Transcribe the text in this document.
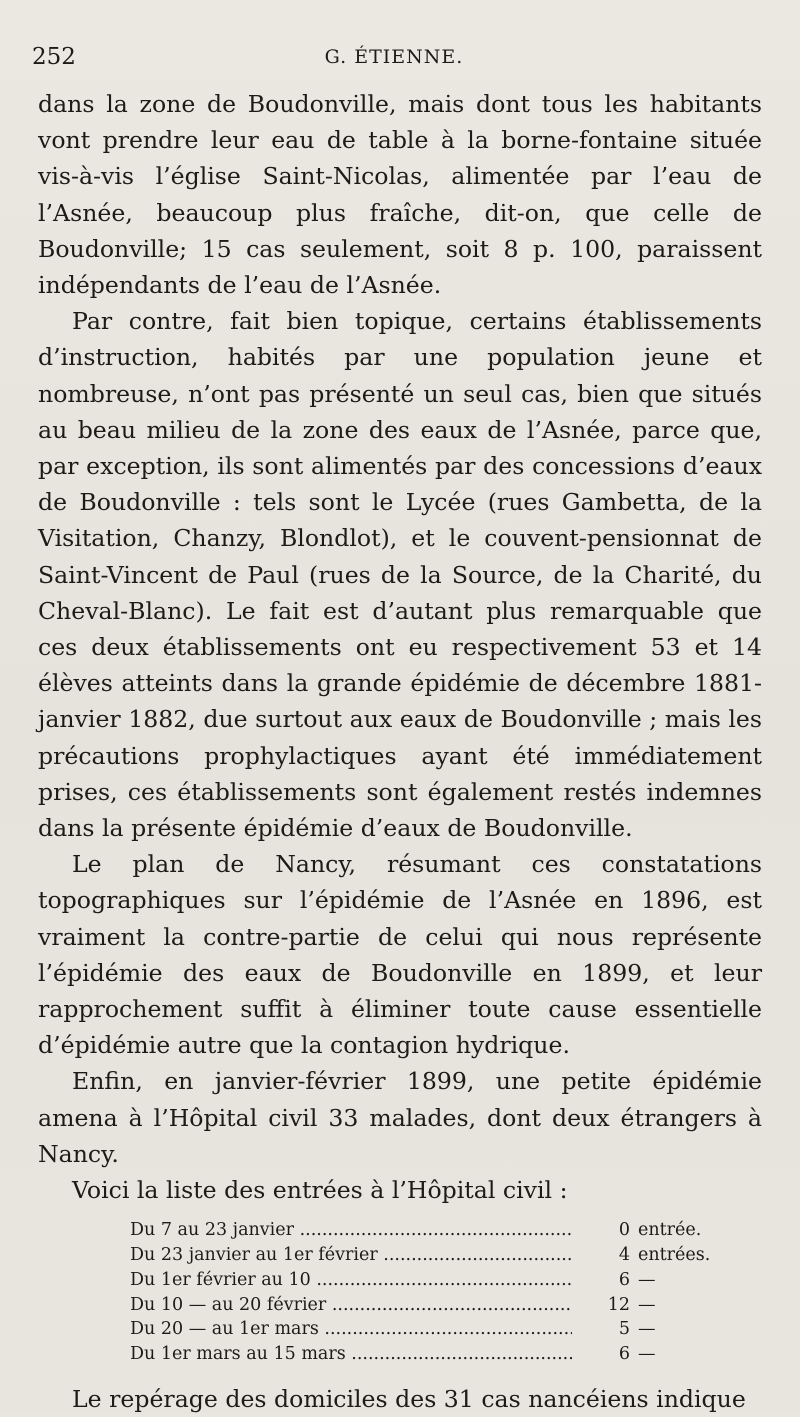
252	G. ÉTIENNE.

dans la zone de Boudonville, mais dont tous les habitants vont prendre leur eau de table à la borne-fontaine située vis-à-vis l’église Saint-Nicolas, alimentée par l’eau de l’Asnée, beaucoup plus fraîche, dit-on, que celle de Boudonville; 15 cas seulement, soit 8 p. 100, paraissent indépendants de l’eau de l’Asnée.

Par contre, fait bien topique, certains établissements d’instruction, habités par une population jeune et nombreuse, n’ont pas présenté un seul cas, bien que situés au beau milieu de la zone des eaux de l’Asnée, parce que, par exception, ils sont alimentés par des concessions d’eaux de Boudonville : tels sont le Lycée (rues Gambetta, de la Visitation, Chanzy, Blondlot), et le couvent-pensionnat de Saint-Vincent de Paul (rues de la Source, de la Charité, du Cheval-Blanc). Le fait est d’autant plus remarquable que ces deux établissements ont eu respectivement 53 et 14 élèves atteints dans la grande épidémie de décembre 1881-janvier 1882, due surtout aux eaux de Boudonville ; mais les précautions prophylactiques ayant été immédiatement prises, ces établissements sont également restés indemnes dans la présente épidémie d’eaux de Boudonville.

Le plan de Nancy, résumant ces constatations topographiques sur l’épidémie de l’Asnée en 1896, est vraiment la contre-partie de celui qui nous représente l’épidémie des eaux de Boudonville en 1899, et leur rapprochement suffit à éliminer toute cause essentielle d’épidémie autre que la contagion hydrique.

Enfin, en janvier-février 1899, une petite épidémie amena à l’Hôpital civil 33 malades, dont deux étrangers à Nancy.

Voici la liste des entrées à l’Hôpital civil :

Du 7 au 23 janvier .....	0 entrée.
Du 23 janvier au 1er février .....	4 entrées.
Du 1er février au 10 .....	6 —
Du 10 — au 20 février .....	12 —
Du 20 — au 1er mars .....	5 —
Du 1er mars au 15 mars .....	6 —

Le repérage des domiciles des 31 cas nancéiens indique
